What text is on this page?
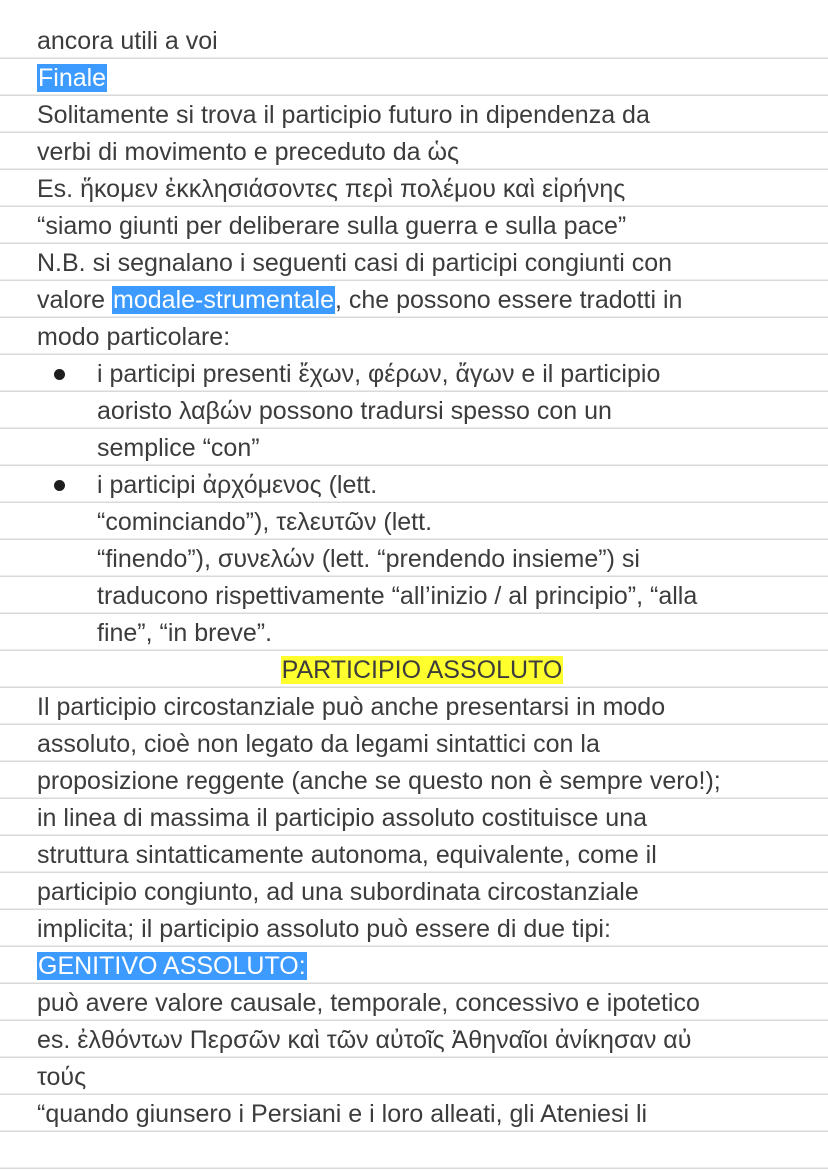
ancora utili a voi
Finale
Solitamente si trova il participio futuro in dipendenza da
verbi di movimento e preceduto da ὡς
Es. ἥκομεν ἐκκλησιάσοντες περὶ πολέμου καὶ εἰρήνης
“siamo giunti per deliberare sulla guerra e sulla pace”
N.B. si segnalano i seguenti casi di participi congiunti con
valore modale-strumentale, che possono essere tradotti in
modo particolare:
i participi presenti ἔχων, φέρων, ἄγων e il participio
aoristo λαβών possono tradursi spesso con un
semplice “con”
i participi ἀρχόμενος (lett.
“cominciando”), τελευτῶν (lett.
“finendo”), συνελών (lett. “prendendo insieme”) si
traducono rispettivamente “all’inizio / al principio”, “alla
fine”, “in breve”.
PARTICIPIO ASSOLUTO
Il participio circostanziale può anche presentarsi in modo
assoluto, cioè non legato da legami sintattici con la
proposizione reggente (anche se questo non è sempre vero!);
in linea di massima il participio assoluto costituisce una
struttura sintatticamente autonoma, equivalente, come il
participio congiunto, ad una subordinata circostanziale
implicita; il participio assoluto può essere di due tipi:
GENITIVO ASSOLUTO:
può avere valore causale, temporale, concessivo e ipotetico
es. ἐλθόντων Περσῶν καὶ τῶν αὐτοῖς Ἀθηναῖοι ἀνίκησαν αὐ
τούς
“quando giunsero i Persiani e i loro alleati, gli Ateniesi li
